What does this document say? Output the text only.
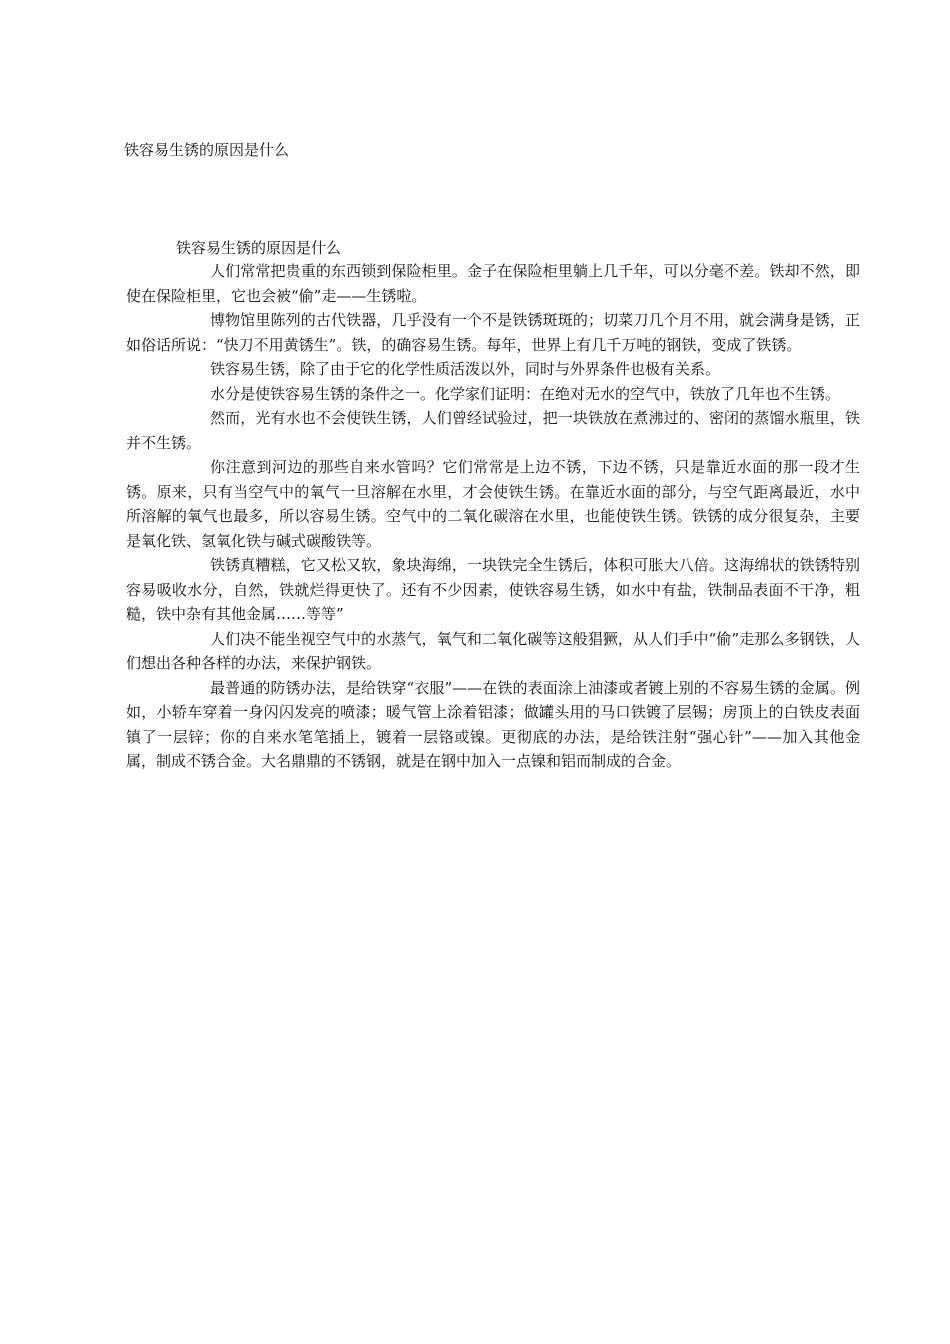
铁容易生锈的原因是什么
铁容易生锈的原因是什么

人们常常把贵重的东西锁到保险柜里。金子在保险柜里躺上几千年，可以分毫不差。铁却不然，即使在保险柜里，它也会被“偷”走——生锈啦。

博物馆里陈列的古代铁器，几乎没有一个不是铁锈斑斑的；切菜刀几个月不用，就会满身是锈，正如俗话所说：“快刀不用黄锈生”。铁，的确容易生锈。每年，世界上有几千万吨的钢铁，变成了铁锈。

铁容易生锈，除了由于它的化学性质活泼以外，同时与外界条件也极有关系。

水分是使铁容易生锈的条件之一。化学家们证明：在绝对无水的空气中，铁放了几年也不生锈。

然而，光有水也不会使铁生锈，人们曾经试验过，把一块铁放在煮沸过的、密闭的蒸馏水瓶里，铁并不生锈。

你注意到河边的那些自来水管吗？它们常常是上边不锈，下边不锈，只是靠近水面的那一段才生锈。原来，只有当空气中的氧气一旦溶解在水里，才会使铁生锈。在靠近水面的部分，与空气距离最近，水中所溶解的氧气也最多，所以容易生锈。空气中的二氧化碳溶在水里，也能使铁生锈。铁锈的成分很复杂，主要是氧化铁、氢氧化铁与碱式碳酸铁等。

铁锈真糟糕，它又松又软，象块海绵，一块铁完全生锈后，体积可胀大八倍。这海绵状的铁锈特别容易吸收水分，自然，铁就烂得更快了。还有不少因素，使铁容易生锈，如水中有盐，铁制品表面不干净，粗糙，铁中杂有其他金属……等等”

人们决不能坐视空气中的水蒸气，氧气和二氧化碳等这般猖獗，从人们手中“偷”走那么多钢铁，人们想出各种各样的办法，来保护钢铁。

最普通的防锈办法，是给铁穿“衣服”——在铁的表面涂上油漆或者镀上别的不容易生锈的金属。例如，小轿车穿着一身闪闪发亮的喷漆；暖气管上涂着铝漆；做罐头用的马口铁镀了层锡；房顶上的白铁皮表面镇了一层锌；你的自来水笔笔插上，镀着一层铬或镍。更彻底的办法，是给铁注射“强心针”——加入其他金属，制成不锈合金。大名鼎鼎的不锈钢，就是在钢中加入一点镍和铝而制成的合金。
